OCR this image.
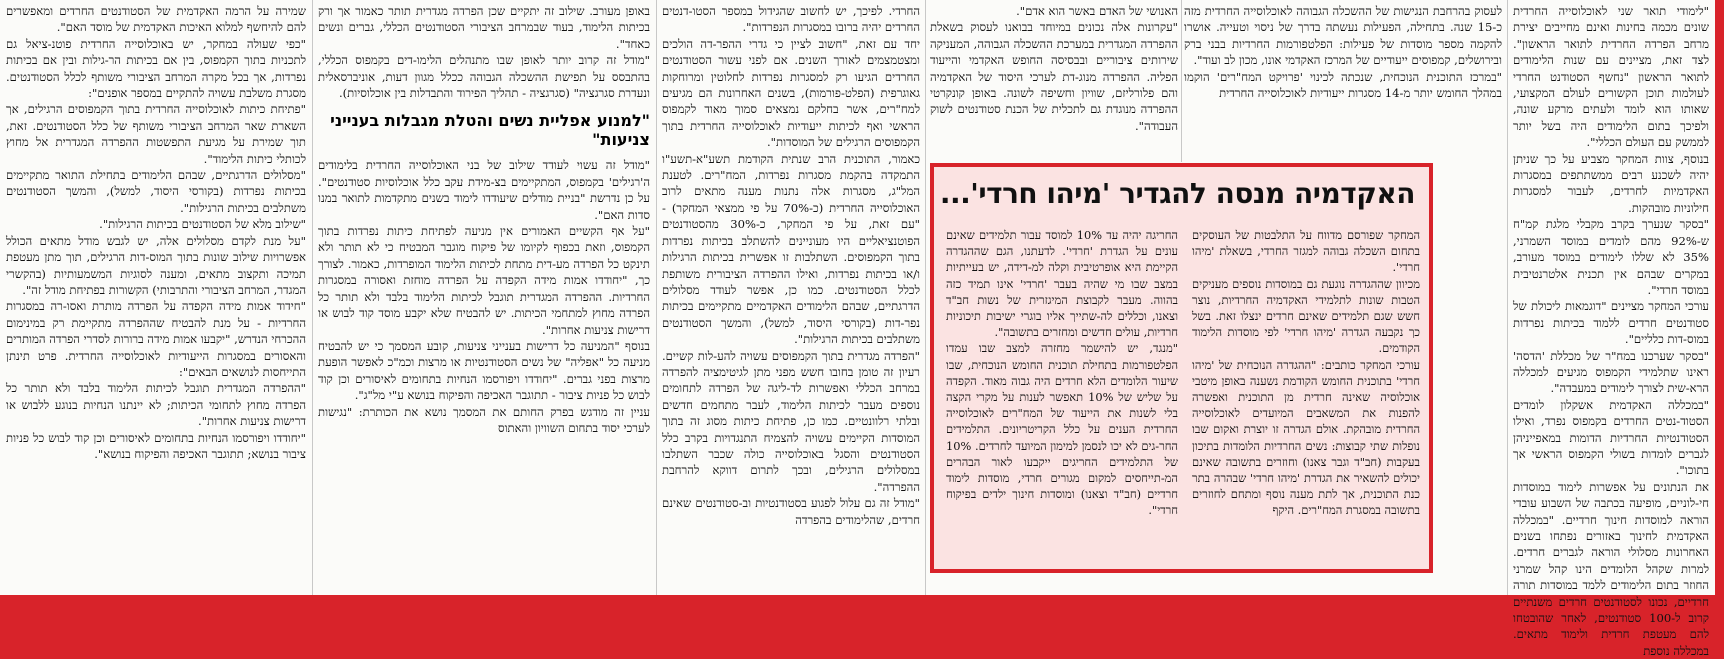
"לימודי תואר שני לאוכלוסייה החרדית שונים מכמה בחינות ואינם מחייבים יצירת מרחב הפרדה החרדית לתואר הראשון". לצד זאת, מציינים עם שנות הלימודים לתואר הראשון "נחשף הסטודנט החרדי לעולמות תוכן הקשורים לעולם המקצועי, שאותו הוא לומד ולעתים מרקע שונה, ולפיכך בתום הלימודים היה בשל יותר לממשק עם העולם הכללי".

בנוסף, צוות המחקר מצביע על כך שניתן יהיה לשכנע רבים ממשתתפים במסגרות האקדמיות לחרדים, לעבור למסגרות חילוניות מובהקות.

"בסקר שנערך בקרב מקבלי מלגת קמ"ח ש-92% מהם לומדים במוסד השמרני, 35% לא שללו לימודים במוסד מעורב, במקרים שבהם אין תכנית אלטרנטיבית במוסד חרדי".

עורכי המחקר מציינים "דוגמאות ליכולת של סטודנטים חרדים ללמוד בכיתות נפרדות במוס-דות כלליים".

"בסקר שערכנו במח"ר של מכללת 'הדסה' ראינו שתלמידי הקמפוס מגיעים למכללה הרא-שית לצורך לימודים במעבדה".

"במכללה האקדמית אשקלון לומדים הסטוד-נטים החרדים בקמפוס נפרד, ואילו הסטודנטיות החרדיות הדומות במאפייניהן לגברים לומדות בשולי הקמפוס הראשי אך בתוכו".

את הנתונים על אפשרות לימוד במוסדות חי-לוניים, מופיעה בכתבה של השבוע עובדי הוראה למוסדות חינוך חרדיים. "במכללה האקדמית לחינוך באזורים נפתחו בשנים האחרונות מסלולי הוראה לגברים חרדים. למרות שקהל הלומדים הינו קהל שמרני החוזר בתום הלימודים ללמד במוסדות תורה חרדיים, נכונו לסטודנטים חרדים משנתיים קרוב ל-100 סטודנטים, לאחר שהובטחו להם מעטפת חרדית ולימוד מתאים. במכללה נוספת

לעסוק בהרחבת הנגישות של ההשכלה הגבוהה לאוכלוסייה החרדית מזה כ-15 שנה. בתחילה, הפעילות נעשתה בדרך של ניסוי וטעייה. אושרו להקמה מספר מוסדות של פעילות: הפלטפורמות החרדיות בבני ברק ובירושלים, קמפוסים ייעודיים של המרכז האקדמי אונו, מכון לב ועוד".

"במרכז התוכנית הנוכחית, שנכתה לכינוי 'פרויקט המח"רים' הוקמו במהלך החומש יותר מ-14 מסגרות ייעודיות לאוכלוסייה החרדית

האנושי של האדם באשר הוא אדם".

"עקרונות אלה נכונים במיוחד בבואנו לעסוק בשאלת ההפרדה המגדרית במערכת ההשכלה הגבוהה, המעניקה שירותים ציבוריים ובבסיסה החופש האקדמי והייעוד הפליה. ההפרדה מנוג-דת לערכי היסוד של האקדמיה והם פלורליזם, שוויון וחשיפה לשונה. באופן קונקרטי ההפרדה מנוגדת גם לתכלית של הכנת סטודנטים לשוק העבודה".

האקדמיה מנסה להגדיר 'מיהו חרדי'...

המחקר שפורסם מדווח על התלבטות של העוסקים בתחום השכלה גבוהה למגזר החרדי, בשאלת 'מיהו חרדי'.

מכיוון שההגדרה נוגעת גם במוסדות נוספים מעניקים הטבות שונות לתלמידי האקדמיה החרדיות, נוצר חשש שגם תלמידים שאינם חרדים ינצלו זאת. בשל כך נקבעה הגדרה 'מיהו חרדי' לפי מוסדות הלימוד הקודמים.

עורכי המחקר כותבים: "ההגדרה הנוכחית של 'מיהו חרדי' בתוכנית החומש הקודמת נשענה באופן מיטבי אוכלוסיה שאינה חרדית מן התוכנית ואפשרה להפנות את המשאבים המיועדים לאוכלוסייה החרדית מובהקת. אולם הגדרה זו יוצרת ואקום שבו נופלות שתי קבוצות: נשים החרדיות הלומדות בתיכון בעקבות (חב"ד וגבר צאנו) וחוזרים בתשובה שאינם יכולים להשאיר את הגדרת 'מיהו חרדי' שבהרה בתר כנת התוכנית, אך לתת מענה נוסף ומתחם לחוזרים בתשובה במסגרת המח"רים. היקף

החריגה יהיה עד 10% למוסד עבור תלמידים שאינם עונים על הגדרת 'חרדי'. לדעתנו, הגם שההגדרה הקיימת היא אופרטיבית וקלה למ-דידה, יש בעייתיות במצב שבו מי שהיה בעבר 'חרדי' אינו תמיד כזה בהווה. מעבר לקבוצת המיגזרית של נשות חב"ד וצאנו, וכללים לה-שתייך אליו בוגרי ישיבות תיכוניות חרדיות, עולים חדשים ומחזרים בתשובה".

"מנגד, יש להישמר מחזרה למצב שבו עמדו הפלטפורמות בתחילת תוכנית החומש הנוכחית, שבו שיעור הלומדים הלא חרדים היה גבוה מאוד. הקפדה על שליש של 10% תאפשר לענות על מקרי הקצה בלי לשנות את הייעוד של המח"רים לאוכלוסייה החרדית הענים על כלל הקריטריונים. התלמידים החר-גים לא יכו לנסמן למימון המיועד לחרדים. 10% של התלמידים החריגים ייקבעו לאור הבהרים המ-תייחסים למקום מגורים חרדי, מוסדות לימוד חרדיים (חב"ד וצאנו) ומוסדות חינוך ילדים בפיקוח חרדי".

החרדי. לפיכך, יש לחשוב שהגידול במספר הסטו-דנטים החרדים יהיה ברובו במסגרות הנפרדות".

יחד עם זאת, "חשוב לציין כי גדרי ההפר-דה הולכים ומצטמצמים לאורך השנים. אם לפני עשור הסטודנטים החרדים הגיעו רק למסגרות נפרדות לחלוטין ומרוחקות גאוגרפית (הפלט-פורמות), בשנים האחרונות הם מגיעים למח"רים, אשר בחלקם נמצאים סמוך מאוד לקמפוס הראשי ואף לכיתות ייעודיות לאוכלוסייה החרדית בתוך הקמפוסים הרגילים של המוסדות".

כאמור, התוכנית הרב שנתית הקודמת תשע"א-תשע"ו התמקדה בהקמת מסגרות נפרדות, המח"רים. לטענת המל"ג, מסגרות אלה נתנות מענה מתאים לרוב האוכלוסייה החרדית (כ-70% על פי ממצאי המחקר) - "עם זאת, על פי המחקר, כ-30% מהסטודנטים הפוטנציאליים היו מעוניינים להשתלב בכיתות נפרדות בתוך הקמפוסים. השתלבות זו אפשרית בכיתות הרגילות ו/או בכיתות נפרדות, ואילו ההפרדה הציבורית משותפת לכלל הסטודנטים. כמו כן, אפשר לעודד מסלולים הדרגתיים, שבהם הלימודים האקדמיים מתקיימים בכיתות נפר-דות (בקורסי היסוד, למשל), והמשך הסטודנטים משתלבים בכיתות הרגילות".

"הפרדה מגדרית בתוך הקמפוסים עשויה להע-לות קשיים. רעיון זה טומן בחובו חשש מפני מתן לגיטימציה להפרדה במרחב הכללי ואפשרות לד-ליגה של הפרדה לתחומים נוספים מעבר לכיתות הלימוד, לעבר מתחמים חדשים ובלתי רלוונטיים. כמו כן, פתיחת כיתות מסוג זה בתוך המוסדות הקיימים עשויה להצמיח התנגדויות בקרב כלל הסטודנטים והסגל באוכלוסייה כולה שכבר השתלבו במסלולים הרגילים, ובכך לתרום דווקא להרחבת ההפרדה".

"מודל זה גם עלול לפגוע בסטודנטיות וב-סטודנטים שאינם חרדים, שהלימודים בהפרדה

באופן מעורב. שילוב זה יתקיים שכן הפרדה מגדרית תותר כאמור אך ורק בכיתות הלימוד, בעוד שבמרחב הציבורי הסטודנטים הכללי, גברים ונשים כאחד".

"מודל זה קרוב יותר לאופן שבו מתנהלים הלימו-דים בקמפוס הכללי, בהתבסס על תפישת ההשכלה הגבוהה ככלל מגוון דעות, אוניברסאלית ונעדרת סגרגציה" (סגרגציה - תהליך הפירוד והתבדלות בין אוכלוסיות).

"למנוע אפליית נשים והטלת מגבלות בענייני צניעות"

"מודל זה עשוי לעודד שילוב של בני האוכלוסייה החרדית בלימודים ה'רגילים' בקמפוס, המתקיימים בצ-מידת עקב כלל אוכלוסיות סטודנטים". על כן נדרשת "בניית מודלים שיעודדו לימוד בשנים מתקדמות לתואר במנו סדות האם".

"על אף הקשיים האמורים אין מניעה לפתיחת כיתות נפרדות בתוך הקמפוס, וזאת בכפוף לקיומו של פיקוח מוגבר המבטיח כי לא תותר ולא תינקט כל הפרדה מע-דית מתחת לכיתות הלימוד המופרדות, כאמור. לצורך כך, "יחודדו אמות מידה הקפדה על הפרדה מוחזת ואסורה במסגרות החרדיות. ההפרדה המגדרית תוגבל לכיתות הלימוד בלבד ולא תותר כל הפרדה מחוץ למתחמי הכיתות. יש להבטיח שלא יקבע מוסד קוד לבוש או דרישות צניעות אחרות".

בנוסף "המניעה כל דרישות בענייני צניעות, קובע המסמך כי יש להבטיח מניעה כל "אפליה" של נשים הסטודנטיות או מרצות וכמ"כ לאפשר הופעת מרצות בפני גברים. "יחודדו ויפורסמו הנחיות בתחומים לאיסורים וכן קוד לבוש כל פניות ציבור - תתוגבר האכיפה והפיקוח בנושא ע"י מל"ג".

עניין זה מודגש בפרק החותם את המסמך נושא את הכותרת: "נגישות לערכי יסוד בתחום השוויון והאתוס

שמירה על הרמה האקדמית של הסטודנטים החרדים ומאפשרים להם להיחשף למלוא האיכות האקדמית של מוסד האם".

"כפי שעולה במחקר, יש באוכלוסייה החרדית פוטנ-ציאל גם לתכניות בתוך הקמפוס, בין אם בכיתות הר-גילות ובין אם בכיתות נפרדות, אך בכל מקרה המרחב הציבורי משותף לכלל הסטודנטים. מסגרת משלבת עשויה להתקיים במספר אופנים":

"פתיחת כיתות לאוכלוסייה החרדית בתוך הקמפוסים הרגילים, אך השארת שאר המרחב הציבורי משותף של כלל הסטודנטים. זאת, תוך שמירת על מגיעת התפשטות ההפרדה המגדרית אל מחוץ לכותלי כיתות הלימוד".

"מסלולים הדרגתיים, שבהם הלימודים בתחילת התואר מתקיימים בכיתות נפרדות (בקורסי היסוד, למשל), והמשך הסטודנטים משתלבים בכיתות הרגילות".

"שילוב מלא של הסטודנטים בכיתות הרגילות".

"על מנת לקדם מסלולים אלה, יש לגבש מודל מתאים הכולל אפשרויות שילוב שונות בתוך המוס-דות הרגילים, תוך מתן מעטפת תמיכה ותקצוב מתאים, ומענה לסוגיות המשמעותיות (בהקשרי המגדר, המרחב הציבורי והתרבותי) הקשורות בפתיחת מודל זה".

"חידוד אמות מידה הקפדה על הפרדה מותרת ואסו-רה במסגרות החרדיות - על מנת להבטיח שההפרדה מתקיימת רק במינימום ההכרחי הנדרש, "יקבעו אמות מידה ברורות לסדרי הפרדה המותרים והאסורים במסגרות הייעודיות לאוכלוסייה החרדית. פרט תינתן התייחסות לנושאים הבאים":

"ההפרדה המגדרית תוגבל לכיתות הלימוד בלבד ולא תותר כל הפרדה מחוץ לתחומי הכיתות; לא יינתנו הנחיות בנוגע ללבוש או דרישות צניעות אחרות".

"יחודדו ויפורסמו הנחיות בתחומים לאיסורים וכן קוד לבוש כל פניות ציבור בנושא; תתוגבר האכיפה והפיקוח בנושא".
